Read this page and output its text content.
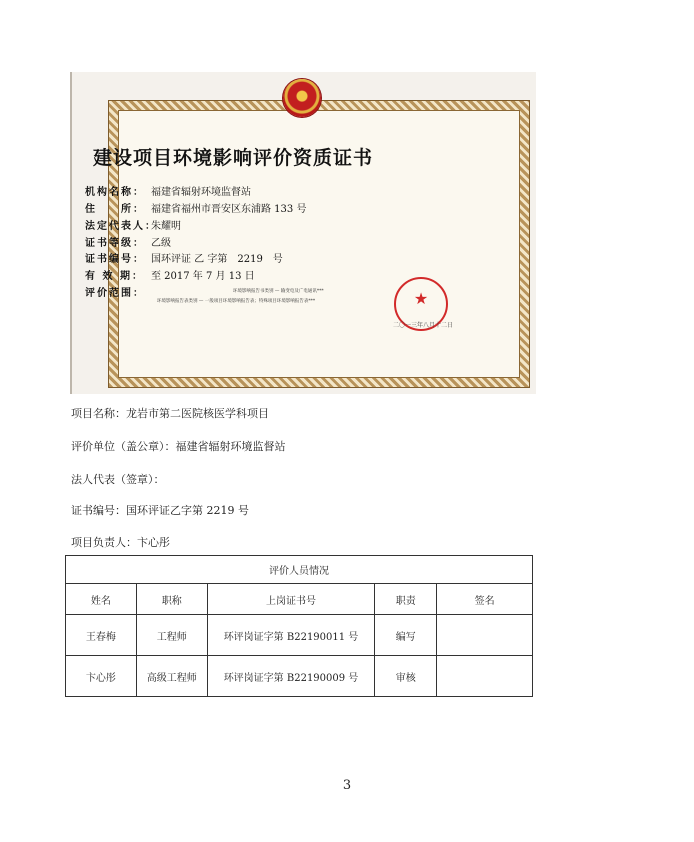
建设项目环境影响评价资质证书
机构名称： 福建省辐射环境监督站
住　　所： 福建省福州市晋安区东浦路 133 号
法定代表人：朱耀明
证书等级： 乙级
证书编号： 国环评证 乙 字第　2219　号
有 效 期： 至 2017 年 7 月 13 日
评价范围：	环境影响报告书类别 — 输变电及广电通讯***
环境影响报告表类别 — 一般项目环境影响报告表；特殊项目环境影响报告表***	★
二〇一三年八月十二日
项目名称：龙岩市第二医院核医学科项目
评价单位（盖公章）：福建省辐射环境监督站
法人代表（签章）：
证书编号：国环评证乙字第 2219 号
项目负责人：卞心彤
评价人员情况				
姓名	职称	上岗证书号	职责	签名
王春梅	工程师	环评岗证字第 B22190011 号	编写	
卞心彤	高级工程师	环评岗证字第 B22190009 号	审核	
3
